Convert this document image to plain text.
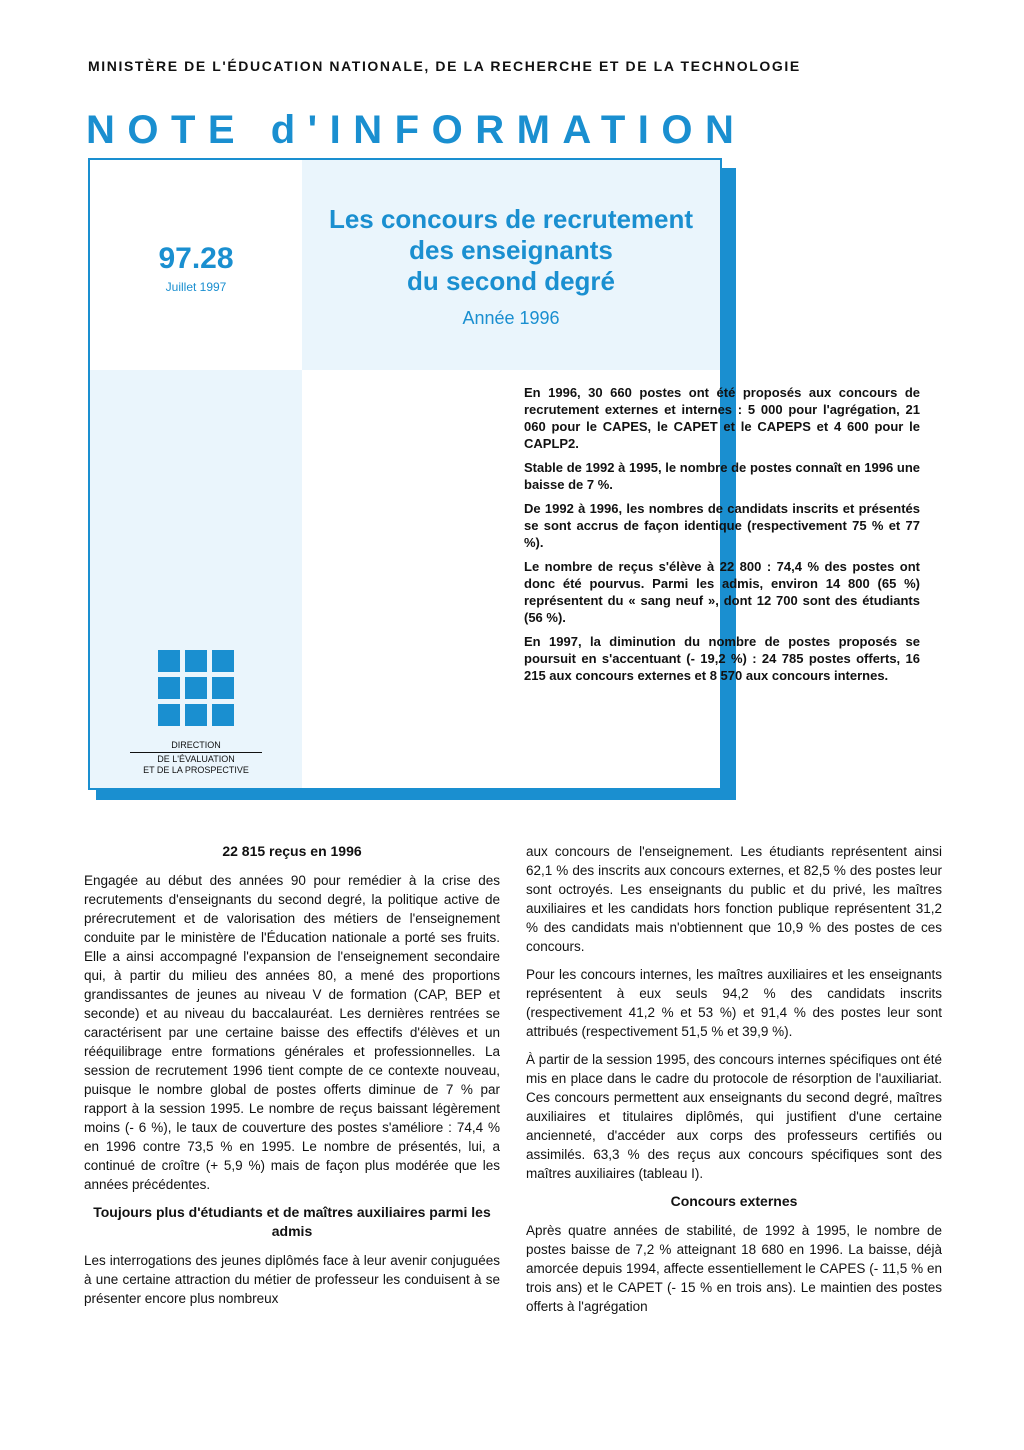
MINISTÈRE DE L'ÉDUCATION NATIONALE, DE LA RECHERCHE ET DE LA TECHNOLOGIE
NOTE d'INFORMATION
97.28
Juillet 1997
Les concours de recrutement
des enseignants
du second degré
Année 1996
DIRECTION
DE L'ÉVALUATION
ET DE LA PROSPECTIVE

En 1996, 30 660 postes ont été proposés aux concours de recrutement externes et internes : 5 000 pour l'agrégation, 21 060 pour le CAPES, le CAPET et le CAPEPS et 4 600 pour le CAPLP2.

Stable de 1992 à 1995, le nombre de postes connaît en 1996 une baisse de 7 %.

De 1992 à 1996, les nombres de candidats inscrits et présentés se sont accrus de façon identique (respectivement 75 % et 77 %).

Le nombre de reçus s'élève à 22 800 : 74,4 % des postes ont donc été pourvus. Parmi les admis, environ 14 800 (65 %) représentent du « sang neuf », dont 12 700 sont des étudiants (56 %).

En 1997, la diminution du nombre de postes proposés se poursuit en s'accentuant (- 19,2 %) : 24 785 postes offerts, 16 215 aux concours externes et 8 570 aux concours internes.

22 815 reçus en 1996

Engagée au début des années 90 pour remédier à la crise des recrutements d'enseignants du second degré, la politique active de prérecrutement et de valorisation des métiers de l'enseignement conduite par le ministère de l'Éducation nationale a porté ses fruits. Elle a ainsi accompagné l'expansion de l'enseignement secondaire qui, à partir du milieu des années 80, a mené des proportions grandissantes de jeunes au niveau V de formation (CAP, BEP et seconde) et au niveau du baccalauréat. Les dernières rentrées se caractérisent par une certaine baisse des effectifs d'élèves et un rééquilibrage entre formations générales et professionnelles. La session de recrutement 1996 tient compte de ce contexte nouveau, puisque le nombre global de postes offerts diminue de 7 % par rapport à la session 1995. Le nombre de reçus baissant légèrement moins (- 6 %), le taux de couverture des postes s'améliore : 74,4 % en 1996 contre 73,5 % en 1995. Le nombre de présentés, lui, a continué de croître (+ 5,9 %) mais de façon plus modérée que les années précédentes.

Toujours plus d'étudiants et de maîtres auxiliaires parmi les admis

Les interrogations des jeunes diplômés face à leur avenir conjuguées à une certaine attraction du métier de professeur les conduisent à se présenter encore plus nombreux

aux concours de l'enseignement. Les étudiants représentent ainsi 62,1 % des inscrits aux concours externes, et 82,5 % des postes leur sont octroyés. Les enseignants du public et du privé, les maîtres auxiliaires et les candidats hors fonction publique représentent 31,2 % des candidats mais n'obtiennent que 10,9 % des postes de ces concours.

Pour les concours internes, les maîtres auxiliaires et les enseignants représentent à eux seuls 94,2 % des candidats inscrits (respectivement 41,2 % et 53 %) et 91,4 % des postes leur sont attribués (respectivement 51,5 % et 39,9 %).

À partir de la session 1995, des concours internes spécifiques ont été mis en place dans le cadre du protocole de résorption de l'auxiliariat. Ces concours permettent aux enseignants du second degré, maîtres auxiliaires et titulaires diplômés, qui justifient d'une certaine ancienneté, d'accéder aux corps des professeurs certifiés ou assimilés. 63,3 % des reçus aux concours spécifiques sont des maîtres auxiliaires (tableau I).

Concours externes

Après quatre années de stabilité, de 1992 à 1995, le nombre de postes baisse de 7,2 % atteignant 18 680 en 1996. La baisse, déjà amorcée depuis 1994, affecte essentiellement le CAPES (- 11,5 % en trois ans) et le CAPET (- 15 % en trois ans). Le maintien des postes offerts à l'agrégation
